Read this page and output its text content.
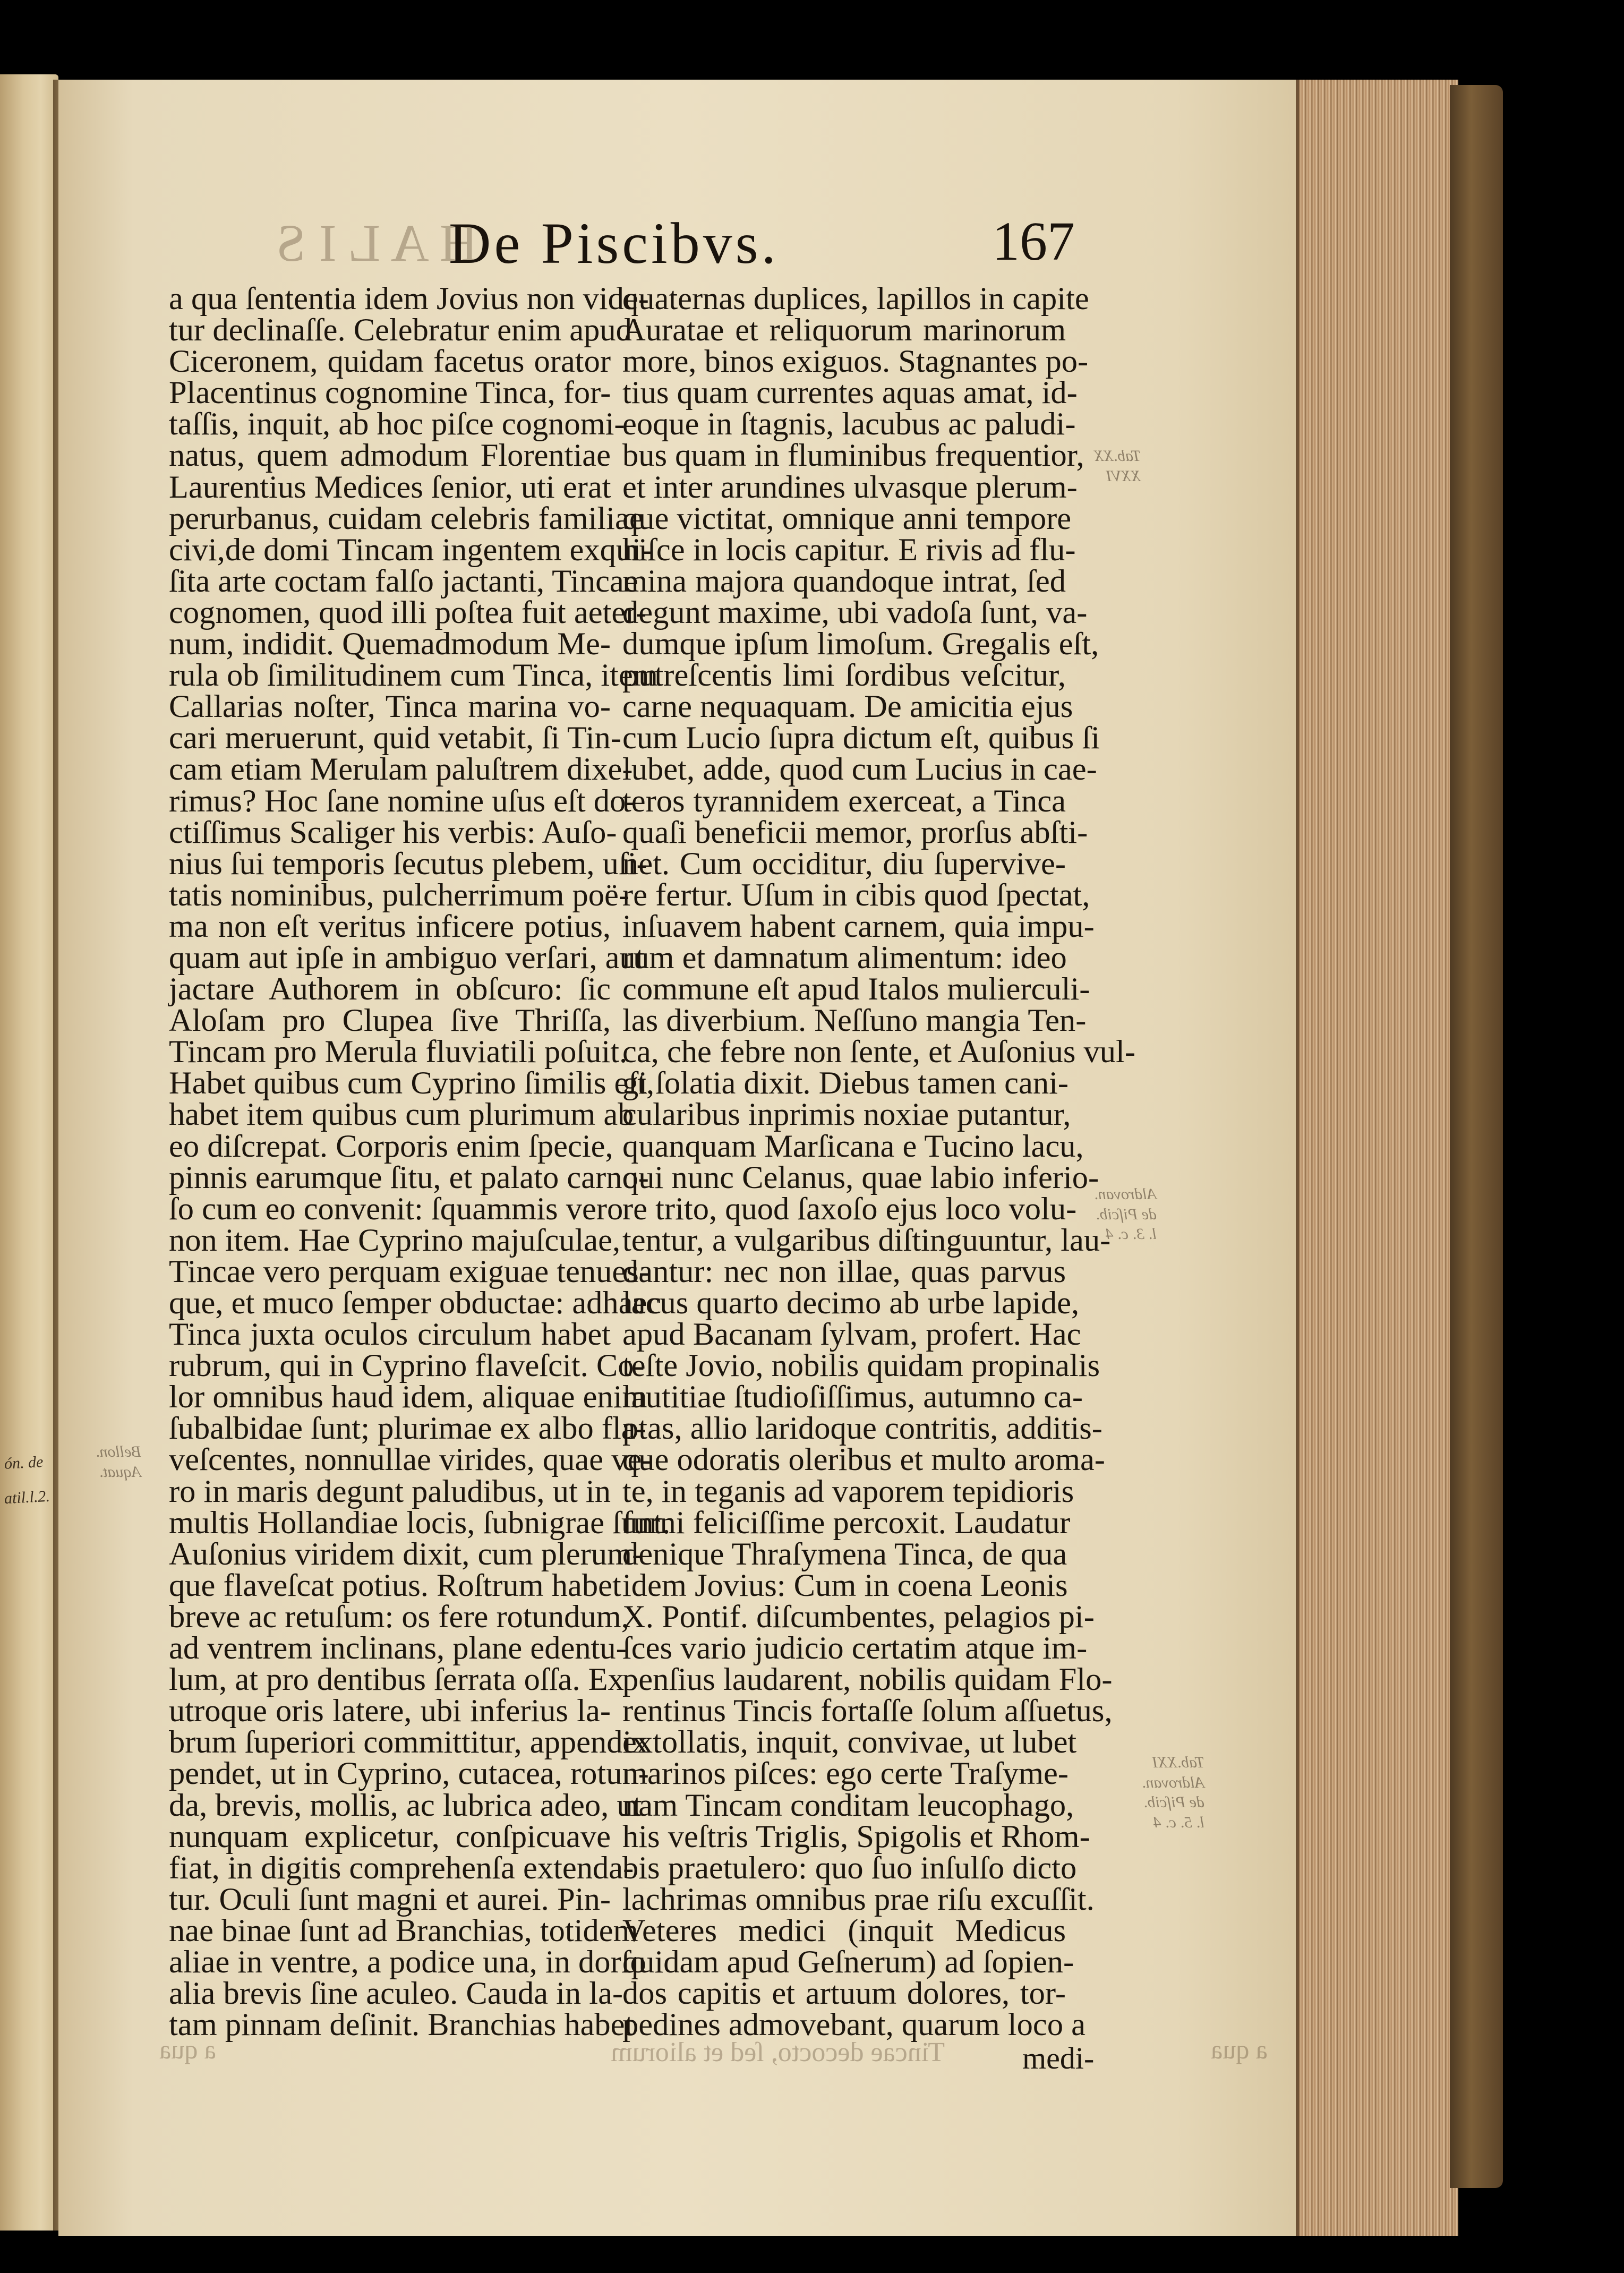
ón. de
atil.l.2.
H A L I S
a qua	Tincae decocto, ſed et aliorum	a qua
Tab.XX
XXVI
Aldrovan.
de Piſcib.
l. 3. c. 4
Bellon.
Aquat.
Tab.XXI
Aldrovan.
de Piſcib.
l. 5. c. 4
De Piscibvs.	167
a qua ſententia idem Jovius non vide-
tur declinaſſe. Celebratur enim apud
Ciceronem, quidam facetus orator
Placentinus cognomine Tinca, for-
taſſis, inquit, ab hoc piſce cognomi-
natus, quem admodum Florentiae
Laurentius Medices ſenior, uti erat
perurbanus, cuidam celebris familiae
civi,de domi Tincam ingentem exqui-
ſita arte coctam falſo jactanti, Tincae
cognomen, quod illi poſtea fuit aeter-
num, indidit. Quemadmodum Me-
rula ob ſimilitudinem cum Tinca, item
Callarias noſter, Tinca marina vo-
cari meruerunt, quid vetabit, ſi Tin-
cam etiam Merulam paluſtrem dixe-
rimus? Hoc ſane nomine uſus eſt do-
ctiſſimus Scaliger his verbis: Auſo-
nius ſui temporis ſecutus plebem, uſi-
tatis nominibus, pulcherrimum poë-
ma non eſt veritus inficere potius,
quam aut ipſe in ambiguo verſari, aut
jactare Authorem in obſcuro: ſic
Aloſam pro Clupea ſive Thriſſa,
Tincam pro Merula fluviatili poſuit.
Habet quibus cum Cyprino ſimilis eſt,
habet item quibus cum plurimum ab
eo diſcrepat. Corporis enim ſpecie,
pinnis earumque ſitu, et palato carno-
ſo cum eo convenit: ſquammis vero
non item. Hae Cyprino majuſculae,
Tincae vero perquam exiguae tenues-
que, et muco ſemper obductae: adhaec
Tinca juxta oculos circulum habet
rubrum, qui in Cyprino flaveſcit. Co-
lor omnibus haud idem, aliquae enim
ſubalbidae ſunt; plurimae ex albo fla-
veſcentes, nonnullae virides, quae ve-
ro in maris degunt paludibus, ut in
multis Hollandiae locis, ſubnigrae ſunt.
Auſonius viridem dixit, cum plerum-
que flaveſcat potius. Roſtrum habet
breve ac retuſum: os fere rotundum,
ad ventrem inclinans, plane edentu-
lum, at pro dentibus ſerrata oſſa. Ex
utroque oris latere, ubi inferius la-
brum ſuperiori committitur, appendix
pendet, ut in Cyprino, cutacea, rotun-
da, brevis, mollis, ac lubrica adeo, ut
nunquam explicetur, conſpicuave
fiat, in digitis comprehenſa extenda-
tur. Oculi ſunt magni et aurei. Pin-
nae binae ſunt ad Branchias, totidem
aliae in ventre, a podice una, in dorſo
alia brevis ſine aculeo. Cauda in la-
tam pinnam deſinit. Branchias habet
quaternas duplices, lapillos in capite
Auratae et reliquorum marinorum
more, binos exiguos. Stagnantes po-
tius quam currentes aquas amat, id-
eoque in ſtagnis, lacubus ac paludi-
bus quam in fluminibus frequentior,
et inter arundines ulvasque plerum-
que victitat, omnique anni tempore
hiſce in locis capitur. E rivis ad flu-
mina majora quandoque intrat, ſed
degunt maxime, ubi vadoſa ſunt, va-
dumque ipſum limoſum. Gregalis eſt,
putreſcentis limi ſordibus veſcitur,
carne nequaquam. De amicitia ejus
cum Lucio ſupra dictum eſt, quibus ſi
lubet, adde, quod cum Lucius in cae-
teros tyrannidem exerceat, a Tinca
quaſi beneficii memor, prorſus abſti-
net. Cum occiditur, diu ſupervive-
re fertur. Uſum in cibis quod ſpectat,
inſuavem habent carnem, quia impu-
rum et damnatum alimentum: ideo
commune eſt apud Italos mulierculi-
las diverbium. Neſſuno mangia Ten-
ca, che febre non ſente, et Auſonius vul-
gi ſolatia dixit. Diebus tamen cani-
cularibus inprimis noxiae putantur,
quanquam Marſicana e Tucino lacu,
qui nunc Celanus, quae labio inferio-
re trito, quod ſaxoſo ejus loco volu-
tentur, a vulgaribus diſtinguuntur, lau-
dantur: nec non illae, quas parvus
lacus quarto decimo ab urbe lapide,
apud Bacanam ſylvam, profert. Hac
teſte Jovio, nobilis quidam propinalis
lautitiae ſtudioſiſſimus, autumno ca-
ptas, allio laridoque contritis, additis-
que odoratis oleribus et multo aroma-
te, in teganis ad vaporem tepidioris
furni feliciſſime percoxit. Laudatur
denique Thraſymena Tinca, de qua
idem Jovius: Cum in coena Leonis
X. Pontif. diſcumbentes, pelagios pi-
ſces vario judicio certatim atque im-
penſius laudarent, nobilis quidam Flo-
rentinus Tincis fortaſſe ſolum aſſuetus,
extollatis, inquit, convivae, ut lubet
marinos piſces: ego certe Traſyme-
nam Tincam conditam leucophago,
his veſtris Triglis, Spigolis et Rhom-
bis praetulero: quo ſuo inſulſo dicto
lachrimas omnibus prae riſu excuſſit.
Veteres medici (inquit Medicus
quidam apud Geſnerum) ad ſopien-
dos capitis et artuum dolores, tor-
pedines admovebant, quarum loco a
medi-
